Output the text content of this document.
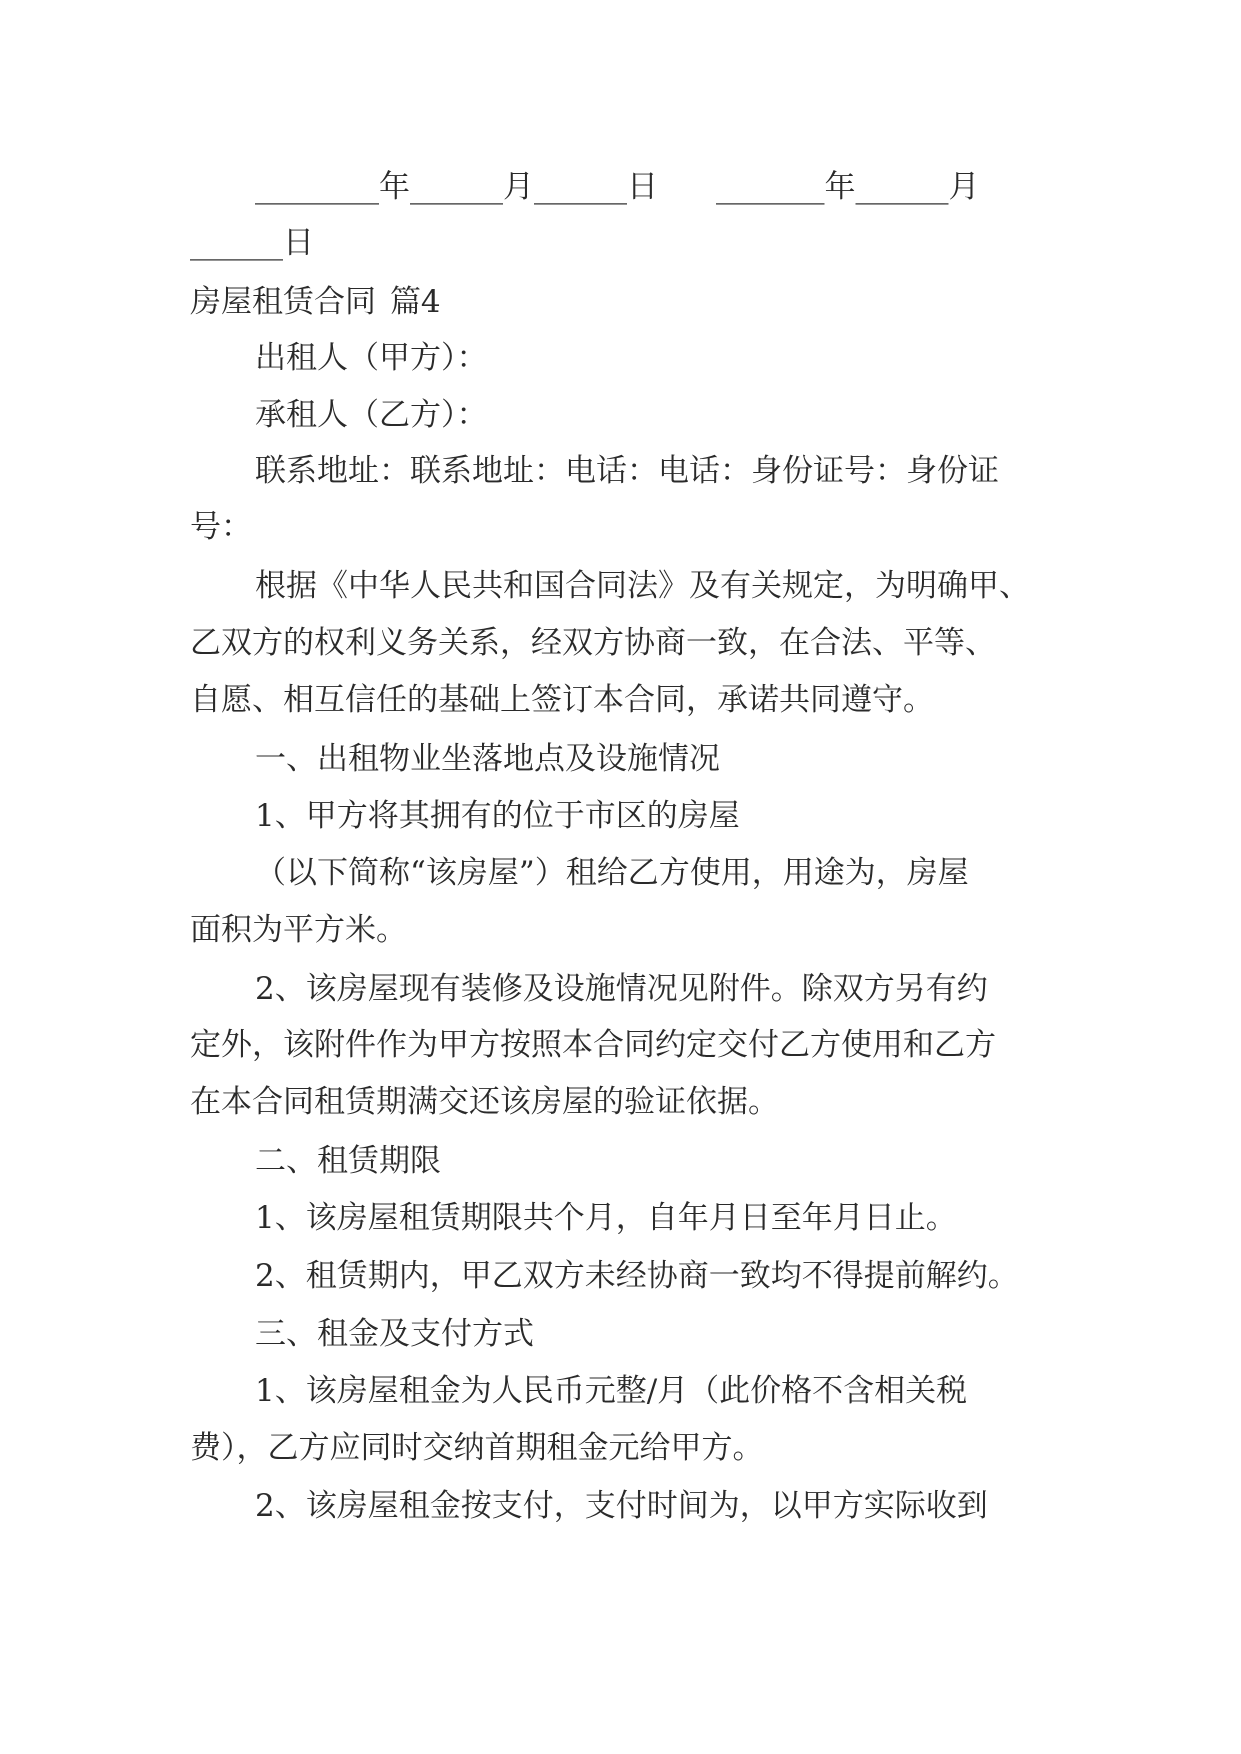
________年______月______日 _______年______月
______日
房屋租赁合同 篇4
出租人（甲方）：
承租人（乙方）：
联系地址：联系地址：电话：电话：身份证号：身份证
号：
根据《中华人民共和国合同法》及有关规定，为明确甲、
乙双方的权利义务关系，经双方协商一致，在合法、平等、
自愿、相互信任的基础上签订本合同，承诺共同遵守。
一、出租物业坐落地点及设施情况
1、甲方将其拥有的位于市区的房屋
（以下简称“该房屋”）租给乙方使用，用途为，房屋
面积为平方米。
2、该房屋现有装修及设施情况见附件。除双方另有约
定外，该附件作为甲方按照本合同约定交付乙方使用和乙方
在本合同租赁期满交还该房屋的验证依据。
二、租赁期限
1、该房屋租赁期限共个月，自年月日至年月日止。
2、租赁期内，甲乙双方未经协商一致均不得提前解约。
三、租金及支付方式
1、该房屋租金为人民币元整/月（此价格不含相关税
费），乙方应同时交纳首期租金元给甲方。
2、该房屋租金按支付，支付时间为，以甲方实际收到
